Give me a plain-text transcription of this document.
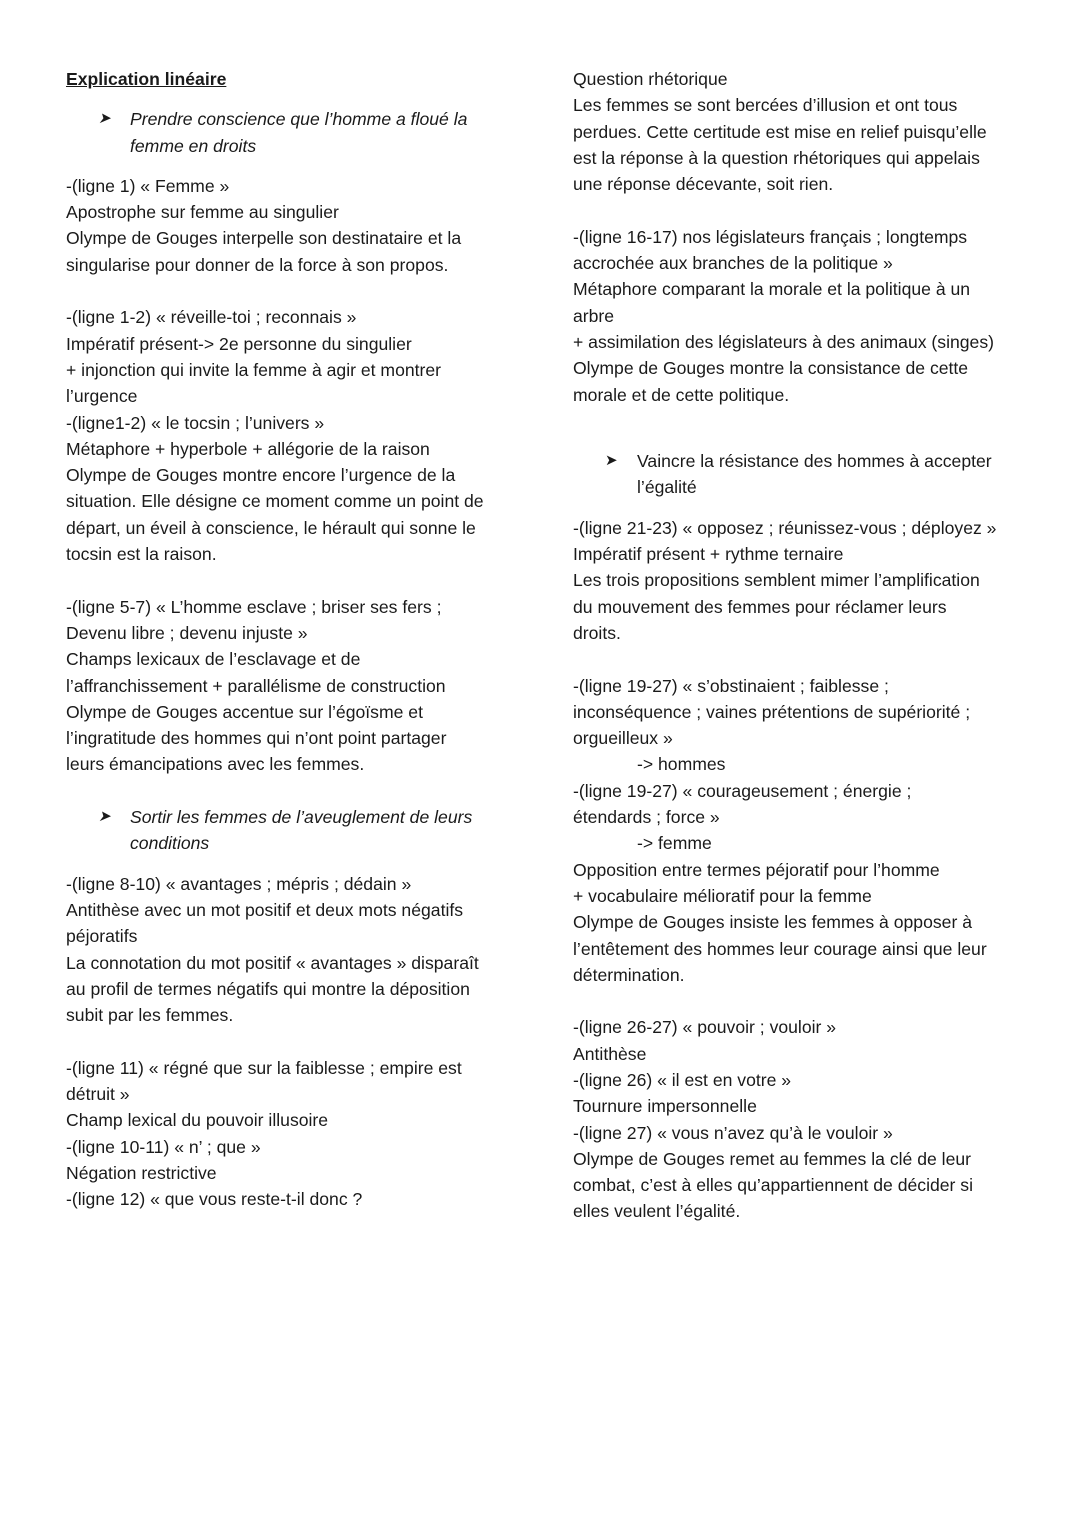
Explication linéaire
➤ Prendre conscience que l’homme a floué la
femme en droits
-(ligne 1) « Femme »
Apostrophe sur femme au singulier
Olympe de Gouges interpelle son destinataire et la
singularise pour donner de la force à son propos.
-(ligne 1-2) « réveille-toi ; reconnais »
Impératif présent-> 2e personne du singulier
+ injonction qui invite la femme à agir et montrer
l’urgence
-(ligne1-2) « le tocsin ; l’univers »
Métaphore + hyperbole + allégorie de la raison
Olympe de Gouges montre encore l’urgence de la
situation. Elle désigne ce moment comme un point de
départ, un éveil à conscience, le hérault qui sonne le
tocsin est la raison.
-(ligne 5-7) « L’homme esclave ; briser ses fers ;
Devenu libre ; devenu injuste »
Champs lexicaux de l’esclavage et de
l’affranchissement + parallélisme de construction
Olympe de Gouges accentue sur l’égoïsme et
l’ingratitude des hommes qui n’ont point partager
leurs émancipations avec les femmes.
➤ Sortir les femmes de l’aveuglement de leurs
conditions
-(ligne 8-10) « avantages ; mépris ; dédain »
Antithèse avec un mot positif et deux mots négatifs
péjoratifs
La connotation du mot positif « avantages » disparaît
au profil de termes négatifs qui montre la déposition
subit par les femmes.
-(ligne 11) « régné que sur la faiblesse ; empire est
détruit »
Champ lexical du pouvoir illusoire
-(ligne 10-11) « n’ ; que »
Négation restrictive
-(ligne 12) « que vous reste-t-il donc ?
Question rhétorique
Les femmes se sont bercées d’illusion et ont tous
perdues. Cette certitude est mise en relief puisqu’elle
est la réponse à la question rhétoriques qui appelais
une réponse décevante, soit rien.
-(ligne 16-17) nos législateurs français ; longtemps
accrochée aux branches de la politique »
Métaphore comparant la morale et la politique à un
arbre
+ assimilation des législateurs à des animaux (singes)
Olympe de Gouges montre la consistance de cette
morale et de cette politique.
➤ Vaincre la résistance des hommes à accepter
l’égalité
-(ligne 21-23) « opposez ; réunissez-vous ; déployez »
Impératif présent + rythme ternaire
Les trois propositions semblent mimer l’amplification
du mouvement des femmes pour réclamer leurs
droits.
-(ligne 19-27) « s’obstinaient ; faiblesse ;
inconséquence ; vaines prétentions de supériorité ;
orgueilleux »
-> hommes
-(ligne 19-27) « courageusement ; énergie ;
étendards ; force »
-> femme
Opposition entre termes péjoratif pour l’homme
+ vocabulaire mélioratif pour la femme
Olympe de Gouges insiste les femmes à opposer à
l’entêtement des hommes leur courage ainsi que leur
détermination.
-(ligne 26-27) « pouvoir ; vouloir »
Antithèse
-(ligne 26) « il est en votre »
Tournure impersonnelle
-(ligne 27) « vous n’avez qu’à le vouloir »
Olympe de Gouges remet au femmes la clé de leur
combat, c’est à elles qu’appartiennent de décider si
elles veulent l’égalité.
